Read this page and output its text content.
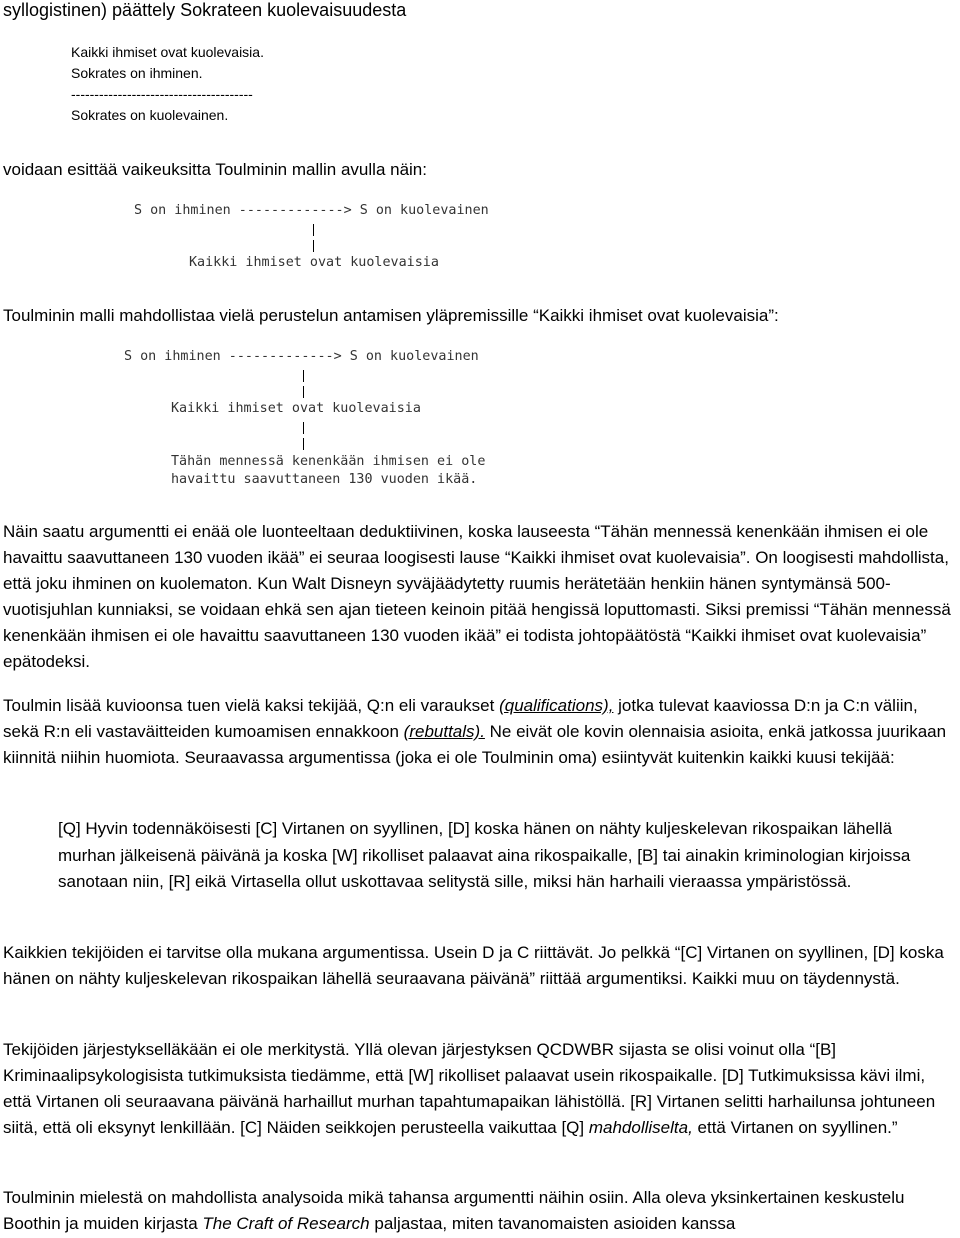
syllogistinen) päättely Sokrateen kuolevaisuudesta
Kaikki ihmiset ovat kuolevaisia.
Sokrates on ihminen.
---------------------------------------
Sokrates on kuolevainen.

voidaan esittää vaikeuksitta Toulminin mallin avulla näin:

S on ihminen -------------> S on kuolevainen
Kaikki ihmiset ovat kuolevaisia

Toulminin malli mahdollistaa vielä perustelun antamisen yläpremissille “Kaikki ihmiset ovat kuolevaisia”:

S on ihminen -------------> S on kuolevainen
Kaikki ihmiset ovat kuolevaisia
Tähän mennessä kenenkään ihmisen ei ole
havaittu saavuttaneen 130 vuoden ikää.

Näin saatu argumentti ei enää ole luonteeltaan deduktiivinen, koska lauseesta “Tähän mennessä kenenkään ihmisen ei ole havaittu saavuttaneen 130 vuoden ikää” ei seuraa loogisesti lause “Kaikki ihmiset ovat kuolevaisia”. On loogisesti mahdollista, että joku ihminen on kuolematon. Kun Walt Disneyn syväjäädytetty ruumis herätetään henkiin hänen syntymänsä 500-vuotisjuhlan kunniaksi, se voidaan ehkä sen ajan tieteen keinoin pitää hengissä loputtomasti. Siksi premissi “Tähän mennessä kenenkään ihmisen ei ole havaittu saavuttaneen 130 vuoden ikää” ei todista johtopäätöstä “Kaikki ihmiset ovat kuolevaisia” epätodeksi.

Toulmin lisää kuvioonsa tuen vielä kaksi tekijää, Q:n eli varaukset (qualifications), jotka tulevat kaaviossa D:n ja C:n väliin, sekä R:n eli vastaväitteiden kumoamisen ennakkoon (rebuttals). Ne eivät ole kovin olennaisia asioita, enkä jatkossa juurikaan kiinnitä niihin huomiota. Seuraavassa argumentissa (joka ei ole Toulminin oma) esiintyvät kuitenkin kaikki kuusi tekijää:

[Q] Hyvin todennäköisesti [C] Virtanen on syyllinen, [D] koska hänen on nähty kuljeskelevan rikospaikan lähellä murhan jälkeisenä päivänä ja koska [W] rikolliset palaavat aina rikospaikalle, [B] tai ainakin kriminologian kirjoissa sanotaan niin, [R] eikä Virtasella ollut uskottavaa selitystä sille, miksi hän harhaili vieraassa ympäristössä.

Kaikkien tekijöiden ei tarvitse olla mukana argumentissa. Usein D ja C riittävät. Jo pelkkä “[C] Virtanen on syyllinen, [D] koska hänen on nähty kuljeskelevan rikospaikan lähellä seuraavana päivänä” riittää argumentiksi. Kaikki muu on täydennystä.

Tekijöiden järjestykselläkään ei ole merkitystä. Yllä olevan järjestyksen QCDWBR sijasta se olisi voinut olla “[B] Kriminaalipsykologisista tutkimuksista tiedämme, että [W] rikolliset palaavat usein rikospaikalle. [D] Tutkimuksissa kävi ilmi, että Virtanen oli seuraavana päivänä harhaillut murhan tapahtumapaikan lähistöllä. [R] Virtanen selitti harhailunsa johtuneen siitä, että oli eksynyt lenkillään. [C] Näiden seikkojen perusteella vaikuttaa [Q] mahdolliselta, että Virtanen on syyllinen.”

Toulminin mielestä on mahdollista analysoida mikä tahansa argumentti näihin osiin. Alla oleva yksinkertainen keskustelu Boothin ja muiden kirjasta The Craft of Research paljastaa, miten tavanomaisten asioiden kanssa
